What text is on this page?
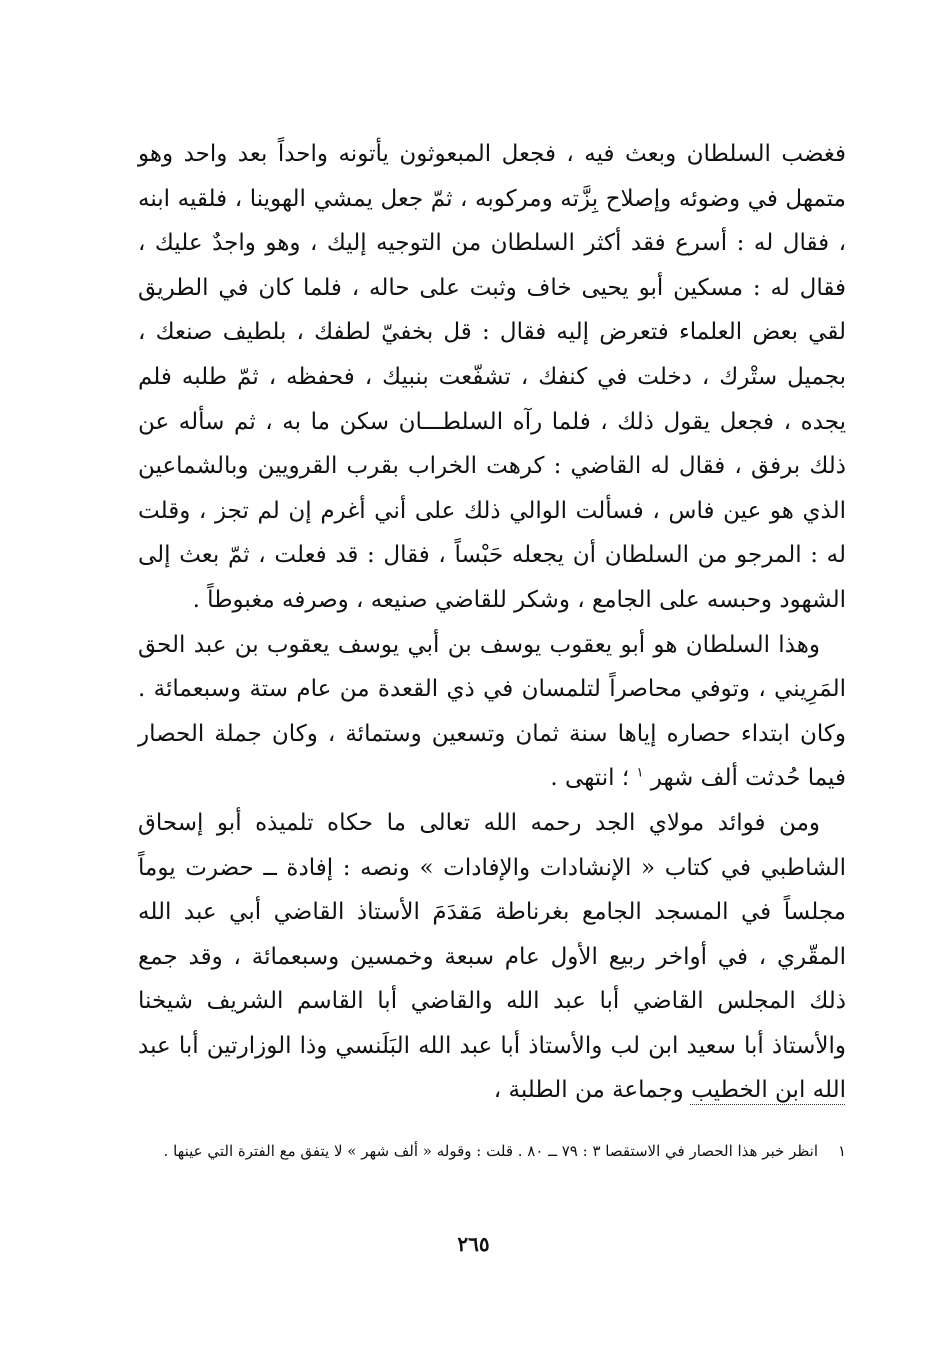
فغضب السلطان وبعث فيه ، فجعل المبعوثون يأتونه واحداً بعد واحد وهو متمهل في وضوئه وإصلاح بِزَّته ومركوبه ، ثمّ جعل يمشي الهوينا ، فلقيه ابنه ، فقال له : أسرع فقد أكثر السلطان من التوجيه إليك ، وهو واجدٌ عليك ، فقال له : مسكين أبو يحيى خاف وثبت على حاله ، فلما كان في الطريق لقي بعض العلماء فتعرض إليه فقال : قل بخفيّ لطفك ، بلطيف صنعك ، بجميل ستْرك ، دخلت في كنفك ، تشفّعت بنبيك ، فحفظه ، ثمّ طلبه فلم يجده ، فجعل يقول ذلك ، فلما رآه السلطـــان سكن ما به ، ثم سأله عن ذلك برفق ، فقال له القاضي : كرهت الخراب بقرب القرويين وبالشماعين الذي هو عين فاس ، فسألت الوالي ذلك على أني أغرم إن لم تجز ، وقلت له : المرجو من السلطان أن يجعله حَبْساً ، فقال : قد فعلت ، ثمّ بعث إلى الشهود وحبسه على الجامع ، وشكر للقاضي صنيعه ، وصرفه مغبوطاً .

وهذا السلطان هو أبو يعقوب يوسف بن أبي يوسف يعقوب بن عبد الحق المَرِيني ، وتوفي محاصراً لتلمسان في ذي القعدة من عام ستة وسبعمائة . وكان ابتداء حصاره إياها سنة ثمان وتسعين وستمائة ، وكان جملة الحصار فيما حُدثت ألف شهر $^١$ ؛ انتهى .

ومن فوائد مولاي الجد رحمه الله تعالى ما حكاه تلميذه أبو إسحاق الشاطبي في كتاب « الإنشادات والإفادات » ونصه : إفادة ــ حضرت يوماً مجلساً في المسجد الجامع بغرناطة مَقدَمَ الأستاذ القاضي أبي عبد الله المقّري ، في أواخر ربيع الأول عام سبعة وخمسين وسبعمائة ، وقد جمع ذلك المجلس القاضي أبا عبد الله والقاضي أبا القاسم الشريف شيخنا والأستاذ أبا سعيد ابن لب والأستاذ أبا عبد الله البَلَنسي وذا الوزارتين أبا عبد الله ابن الخطيب وجماعة من الطلبة ،

١
انظر خبر هذا الحصار في الاستقصا ٣ : ٧٩ ــ ٨٠ . قلت : وقوله « ألف شهر » لا يتفق مع الفترة التي عينها .

٢٦٥
